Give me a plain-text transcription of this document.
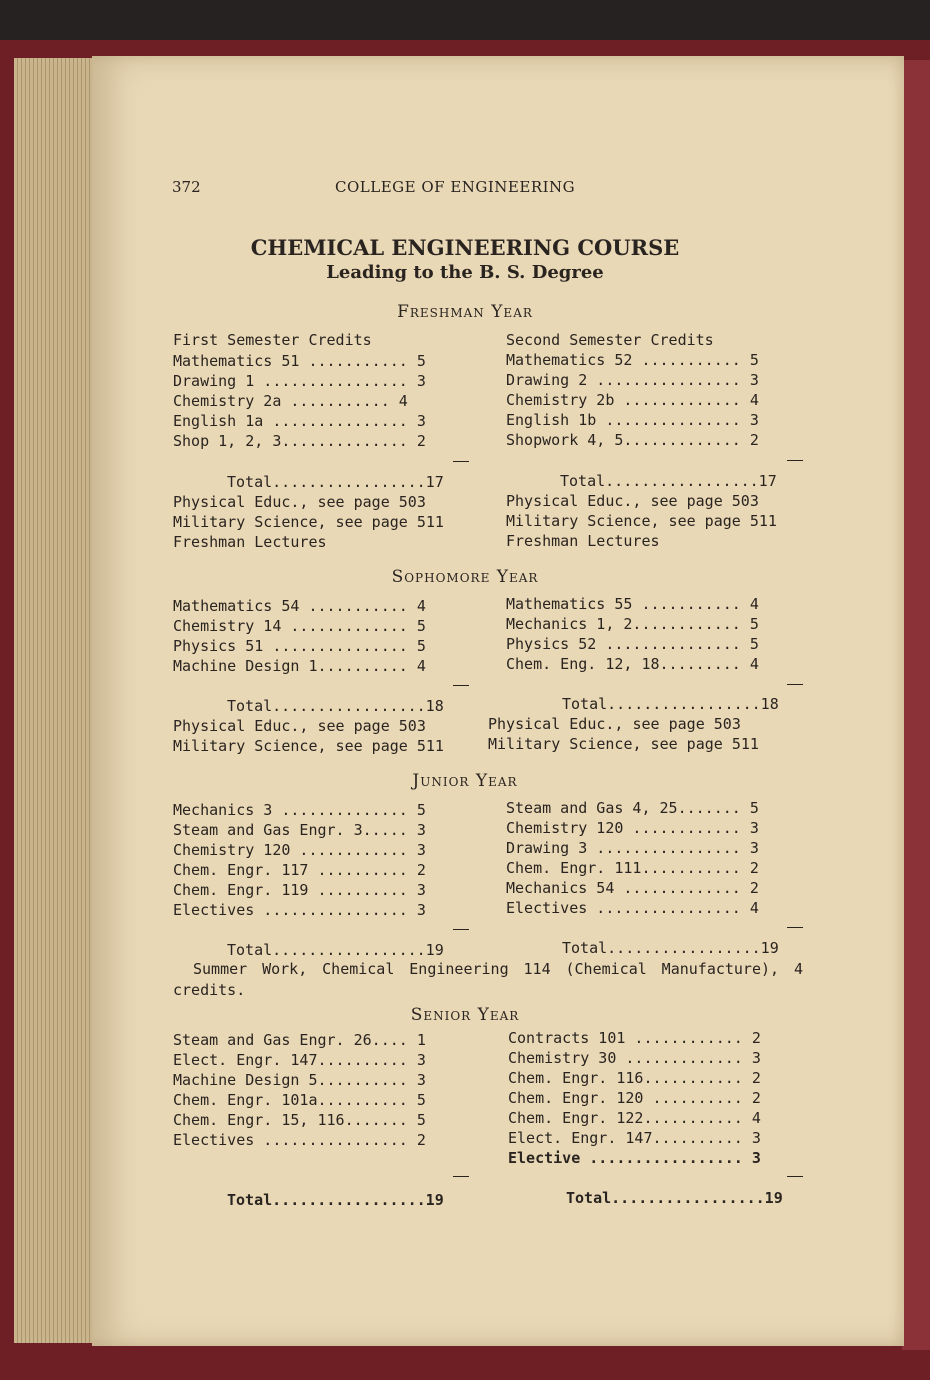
372	COLLEGE OF ENGINEERING
CHEMICAL ENGINEERING COURSE
Leading to the B. S. Degree
Freshman Year
First Semester Credits	Second Semester Credits
Mathematics 51 ........... 5
Drawing 1 ................ 3
Chemistry 2a ........... 4
English 1a ............... 3
Shop 1, 2, 3.............. 2
Mathematics 52 ........... 5
Drawing 2 ................ 3
Chemistry 2b ............. 4
English 1b ............... 3
Shopwork 4, 5............. 2
Total.................17	Total.................17
Physical Educ., see page 503
Military Science, see page 511
Freshman Lectures
Physical Educ., see page 503
Military Science, see page 511
Freshman Lectures
Sophomore Year
Mathematics 54 ........... 4
Chemistry 14 ............. 5
Physics 51 ............... 5
Machine Design 1.......... 4
Mathematics 55 ........... 4
Mechanics 1, 2............ 5
Physics 52 ............... 5
Chem. Eng. 12, 18......... 4
Total.................18	Total.................18
Physical Educ., see page 503
Military Science, see page 511
Physical Educ., see page 503
Military Science, see page 511
Junior Year
Mechanics 3 .............. 5
Steam and Gas Engr. 3..... 3
Chemistry 120 ............ 3
Chem. Engr. 117 .......... 2
Chem. Engr. 119 .......... 3
Electives ................ 3
Steam and Gas 4, 25....... 5
Chemistry 120 ............ 3
Drawing 3 ................ 3
Chem. Engr. 111........... 2
Mechanics 54 ............. 2
Electives ................ 4
Total.................19	Total.................19
Summer Work, Chemical Engineering 114 (Chemical Manufacture), 4 credits.
Senior Year
Steam and Gas Engr. 26.... 1
Elect. Engr. 147.......... 3
Machine Design 5.......... 3
Chem. Engr. 101a.......... 5
Chem. Engr. 15, 116....... 5
Electives ................ 2
Contracts 101 ............ 2
Chemistry 30 ............. 3
Chem. Engr. 116........... 2
Chem. Engr. 120 .......... 2
Chem. Engr. 122........... 4
Elect. Engr. 147.......... 3
Elective ................. 3
Total.................19	Total.................19
